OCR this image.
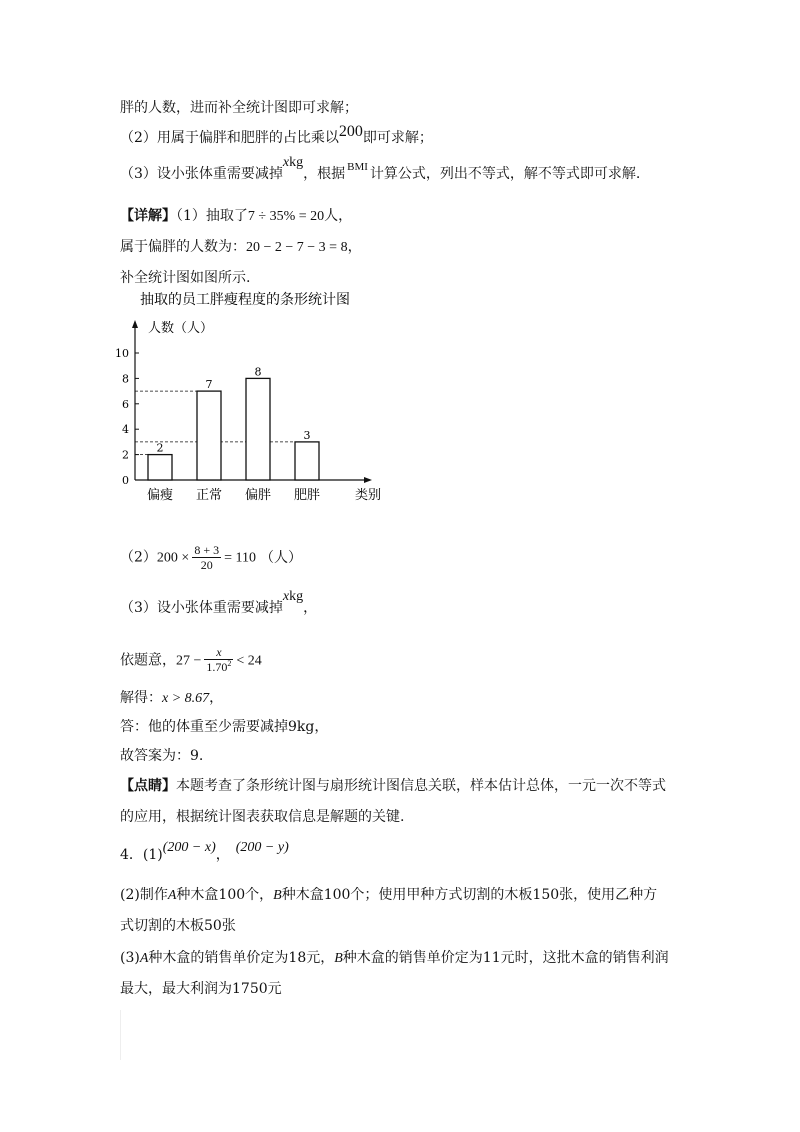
胖的人数，进而补全统计图即可求解；
（2）用属于偏胖和肥胖的占比乘以200即可求解；
（3）设小张体重需要减掉xkg，根据 $^{BMI}$ 计算公式，列出不等式，解不等式即可求解.
【详解】（1）抽取了7 ÷ 35% = 20人，
属于偏胖的人数为：20 − 2 − 7 − 3 = 8，
补全统计图如图所示.
抽取的员工胖瘦程度的条形统计图
人数（人）
0
2
4
6
8
10
2
偏瘦
7
正常
8
偏胖
3
肥胖	类别
$(2)200 \times \frac{8 + 3}{20} = 110$ （人）
（3）设小张体重需要减掉xkg，
依题意，$27 - \frac{x}{1.70^2} < 24$
解得：x > 8.67，
答：他的体重至少需要减掉9kg，
故答案为：9.
【点睛】本题考查了条形统计图与扇形统计图信息关联，样本估计总体，一元一次不等式
的应用，根据统计图表获取信息是解题的关键.
4．(1)(200 − x)， (200 − y)
(2)制作A种木盒100个，B种木盒100个；使用甲种方式切割的木板150张，使用乙种方
式切割的木板50张
(3)A种木盒的销售单价定为18元，B种木盒的销售单价定为11元时，这批木盒的销售利润
最大，最大利润为1750元
